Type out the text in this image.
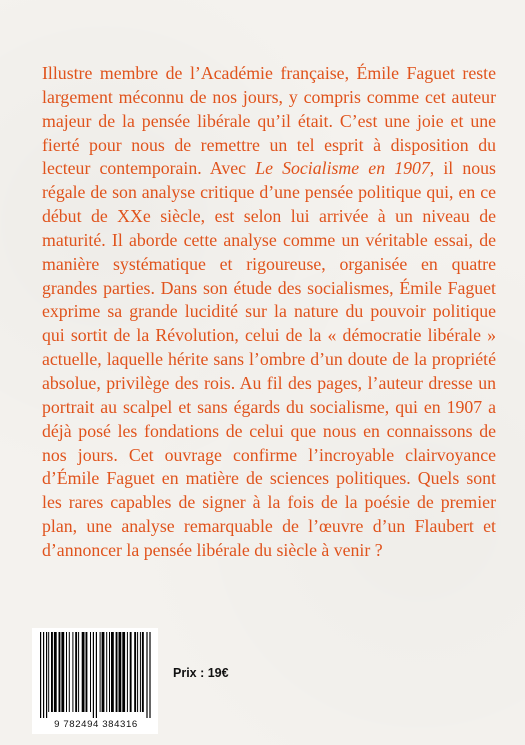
Illustre membre de l’Académie française, Émile Faguet reste largement méconnu de nos jours, y compris comme cet auteur majeur de la pensée libérale qu’il était. C’est une joie et une fierté pour nous de remettre un tel esprit à disposition du lecteur contemporain. Avec Le Socialisme en 1907, il nous régale de son analyse critique d’une pensée politique qui, en ce début de XXe siècle, est selon lui arrivée à un niveau de maturité. Il aborde cette analyse comme un véritable essai, de manière systématique et rigoureuse, organisée en quatre grandes parties. Dans son étude des socialismes, Émile Faguet exprime sa grande lucidité sur la nature du pouvoir politique qui sortit de la Révolution, celui de la « démocratie libérale » actuelle, laquelle hérite sans l’ombre d’un doute de la propriété absolue, privilège des rois. Au fil des pages, l’auteur dresse un portrait au scalpel et sans égards du socialisme, qui en 1907 a déjà posé les fondations de celui que nous en connaissons de nos jours. Cet ouvrage confirme l’incroyable clairvoyance d’Émile Faguet en matière de sciences politiques. Quels sont les rares capables de signer à la fois de la poésie de premier plan, une analyse remarquable de l’œuvre d’un Flaubert et d’annoncer la pensée libérale du siècle à venir ?

9 782494 384316
Prix : 19€
